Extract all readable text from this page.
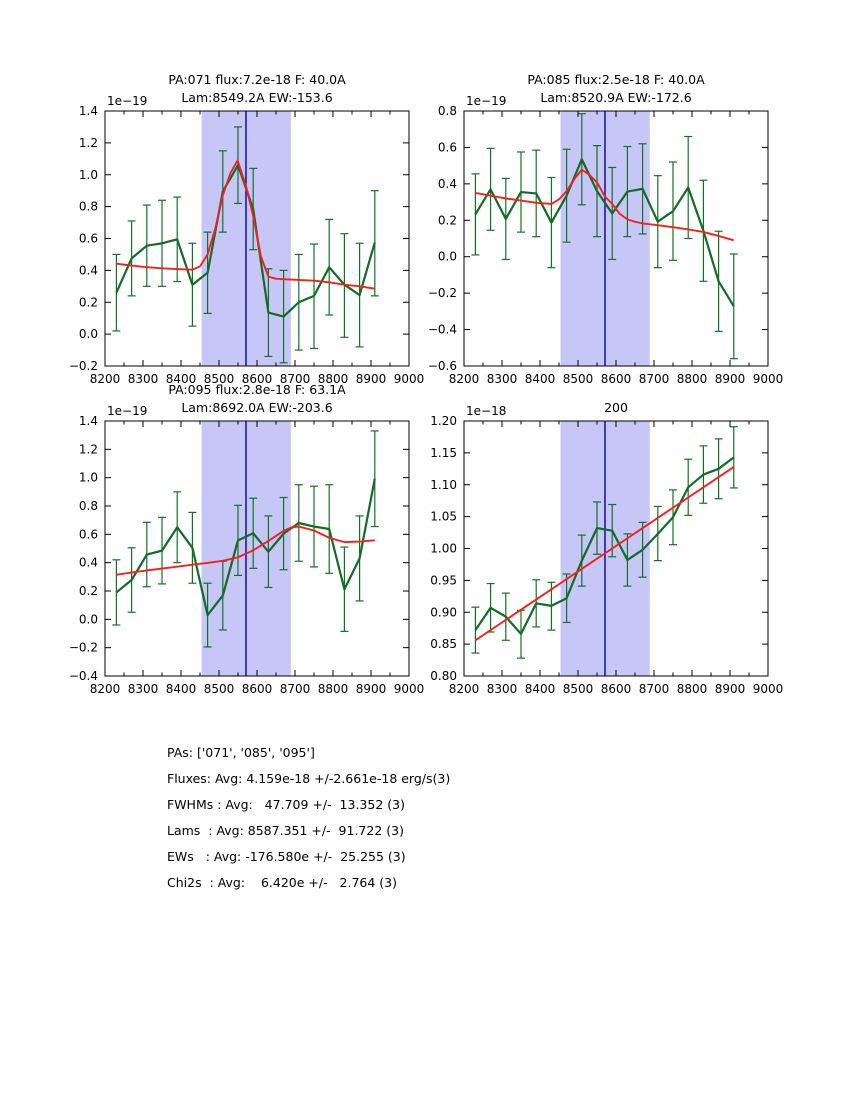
8200 8300 8400 8500 8600 8700 8800 8900 9000
−0.2
0.0
0.2
0.4
0.6
0.8
1.0
1.2
1.4
8200 8300 8400 8500 8600 8700 8800 8900 9000
−0.6
−0.4
−0.2
0.0
0.2
0.4
0.6
0.8
8200 8300 8400 8500 8600 8700 8800 8900 9000
−0.4
−0.2
0.0
0.2
0.4
0.6
0.8
1.0
1.2
1.4
8200 8300 8400 8500 8600 8700 8800 8900 9000
0.80
0.85
0.90
0.95
1.00
1.05
1.10
1.15
1.20
PA:071 flux:7.2e-18 F: 40.0A
Lam:8549.2A EW:-153.6
PA:085 flux:2.5e-18 F: 40.0A
Lam:8520.9A EW:-172.6
PA:095 flux:2.8e-18 F: 63.1A
Lam:8692.0A EW:-203.6	200
1e−19	1e−19
1e−19	1e−18
PAs: ['071', '085', '095']
Fluxes: Avg: 4.159e-18 +/-2.661e-18 erg/s(3)
FWHMs : Avg:   47.709 +/-  13.352 (3)
Lams  : Avg: 8587.351 +/-  91.722 (3)
EWs   : Avg: -176.580e +/-  25.255 (3)
Chi2s  : Avg:    6.420e +/-   2.764 (3)
